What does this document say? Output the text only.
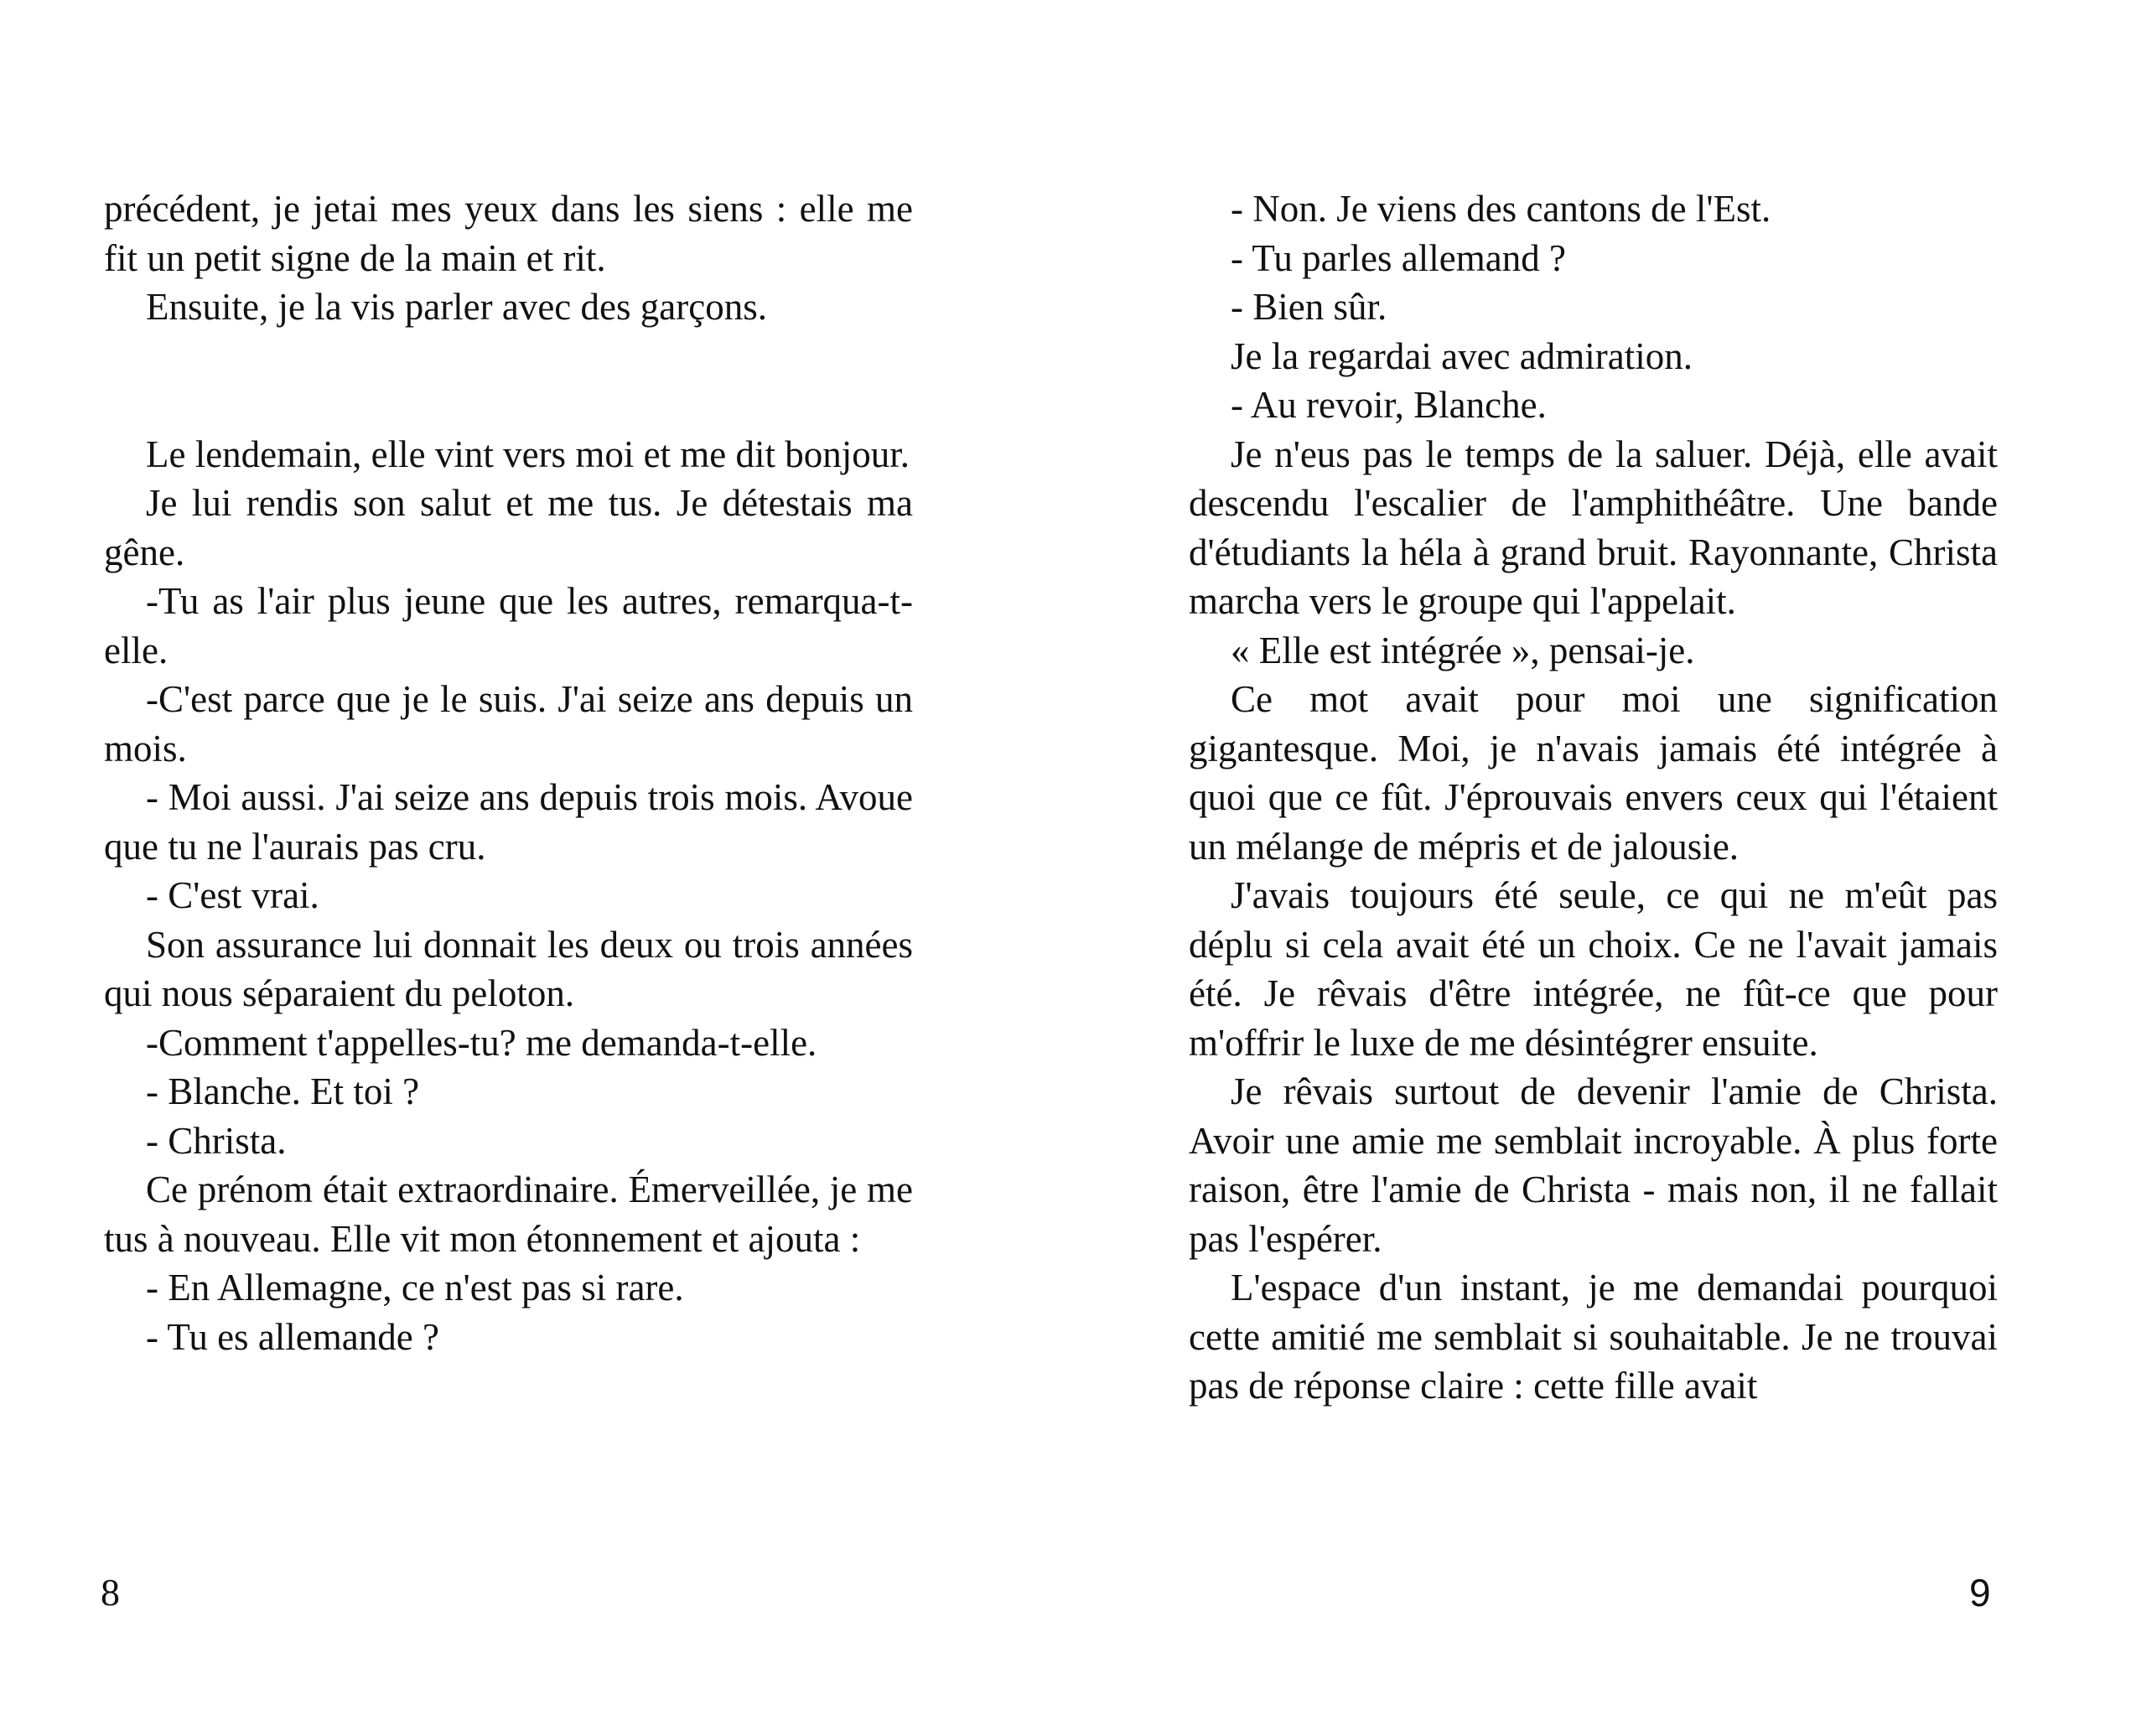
précédent, je jetai mes yeux dans les siens : elle me fit un petit signe de la main et rit.

Ensuite, je la vis parler avec des garçons.

Le lendemain, elle vint vers moi et me dit bonjour.

Je lui rendis son salut et me tus. Je détestais ma gêne.

-Tu as l'air plus jeune que les autres, remarqua-t-elle.

-C'est parce que je le suis. J'ai seize ans depuis un mois.

- Moi aussi. J'ai seize ans depuis trois mois. Avoue que tu ne l'aurais pas cru.

- C'est vrai.

Son assurance lui donnait les deux ou trois années qui nous séparaient du peloton.

-Comment t'appelles-tu? me demanda-t-elle.

- Blanche. Et toi ?

- Christa.

Ce prénom était extraordinaire. Émerveillée, je me tus à nouveau. Elle vit mon étonnement et ajouta :

- En Allemagne, ce n'est pas si rare.

- Tu es allemande ?

- Non. Je viens des cantons de l'Est.

- Tu parles allemand ?

- Bien sûr.

Je la regardai avec admiration.

- Au revoir, Blanche.

Je n'eus pas le temps de la saluer. Déjà, elle avait descendu l'escalier de l'amphithéâtre. Une bande d'étudiants la héla à grand bruit. Rayonnante, Christa marcha vers le groupe qui l'appelait.

« Elle est intégrée », pensai-je.

Ce mot avait pour moi une signification gigantesque. Moi, je n'avais jamais été intégrée à quoi que ce fût. J'éprouvais envers ceux qui l'étaient un mélange de mépris et de jalousie.

J'avais toujours été seule, ce qui ne m'eût pas déplu si cela avait été un choix. Ce ne l'avait jamais été. Je rêvais d'être intégrée, ne fût-ce que pour m'offrir le luxe de me désintégrer ensuite.

Je rêvais surtout de devenir l'amie de Christa. Avoir une amie me semblait incroyable. À plus forte raison, être l'amie de Christa - mais non, il ne fallait pas l'espérer.

L'espace d'un instant, je me demandai pourquoi cette amitié me semblait si souhaitable. Je ne trouvai pas de réponse claire : cette fille avait

8	9
